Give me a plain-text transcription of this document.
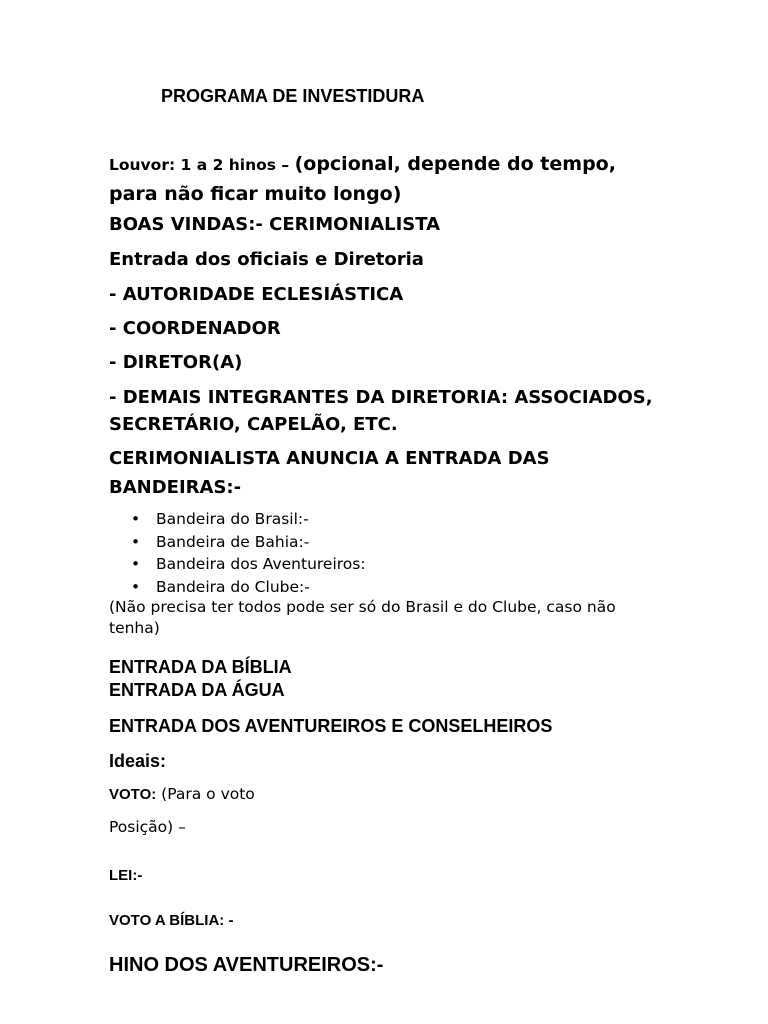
PROGRAMA DE INVESTIDURA
Louvor: 1 a 2 hinos – (opcional, depende do tempo, para não ficar muito longo)
BOAS VINDAS:- CERIMONIALISTA
Entrada dos oficiais e Diretoria
- AUTORIDADE ECLESIÁSTICA
- COORDENADOR
- DIRETOR(A)
- DEMAIS INTEGRANTES DA DIRETORIA: ASSOCIADOS,
SECRETÁRIO, CAPELÃO, ETC.
CERIMONIALISTA ANUNCIA A ENTRADA DAS
BANDEIRAS:-
• Bandeira do Brasil:-
• Bandeira de Bahia:-
• Bandeira dos Aventureiros:
• Bandeira do Clube:-
(Não precisa ter todos pode ser só do Brasil e do Clube, caso não tenha)
ENTRADA DA BÍBLIA
ENTRADA DA ÁGUA
ENTRADA DOS AVENTUREIROS E CONSELHEIROS
Ideais:
VOTO: (Para o voto
Posição) –
LEI:-
VOTO A BÍBLIA: -
HINO DOS AVENTUREIROS:-
